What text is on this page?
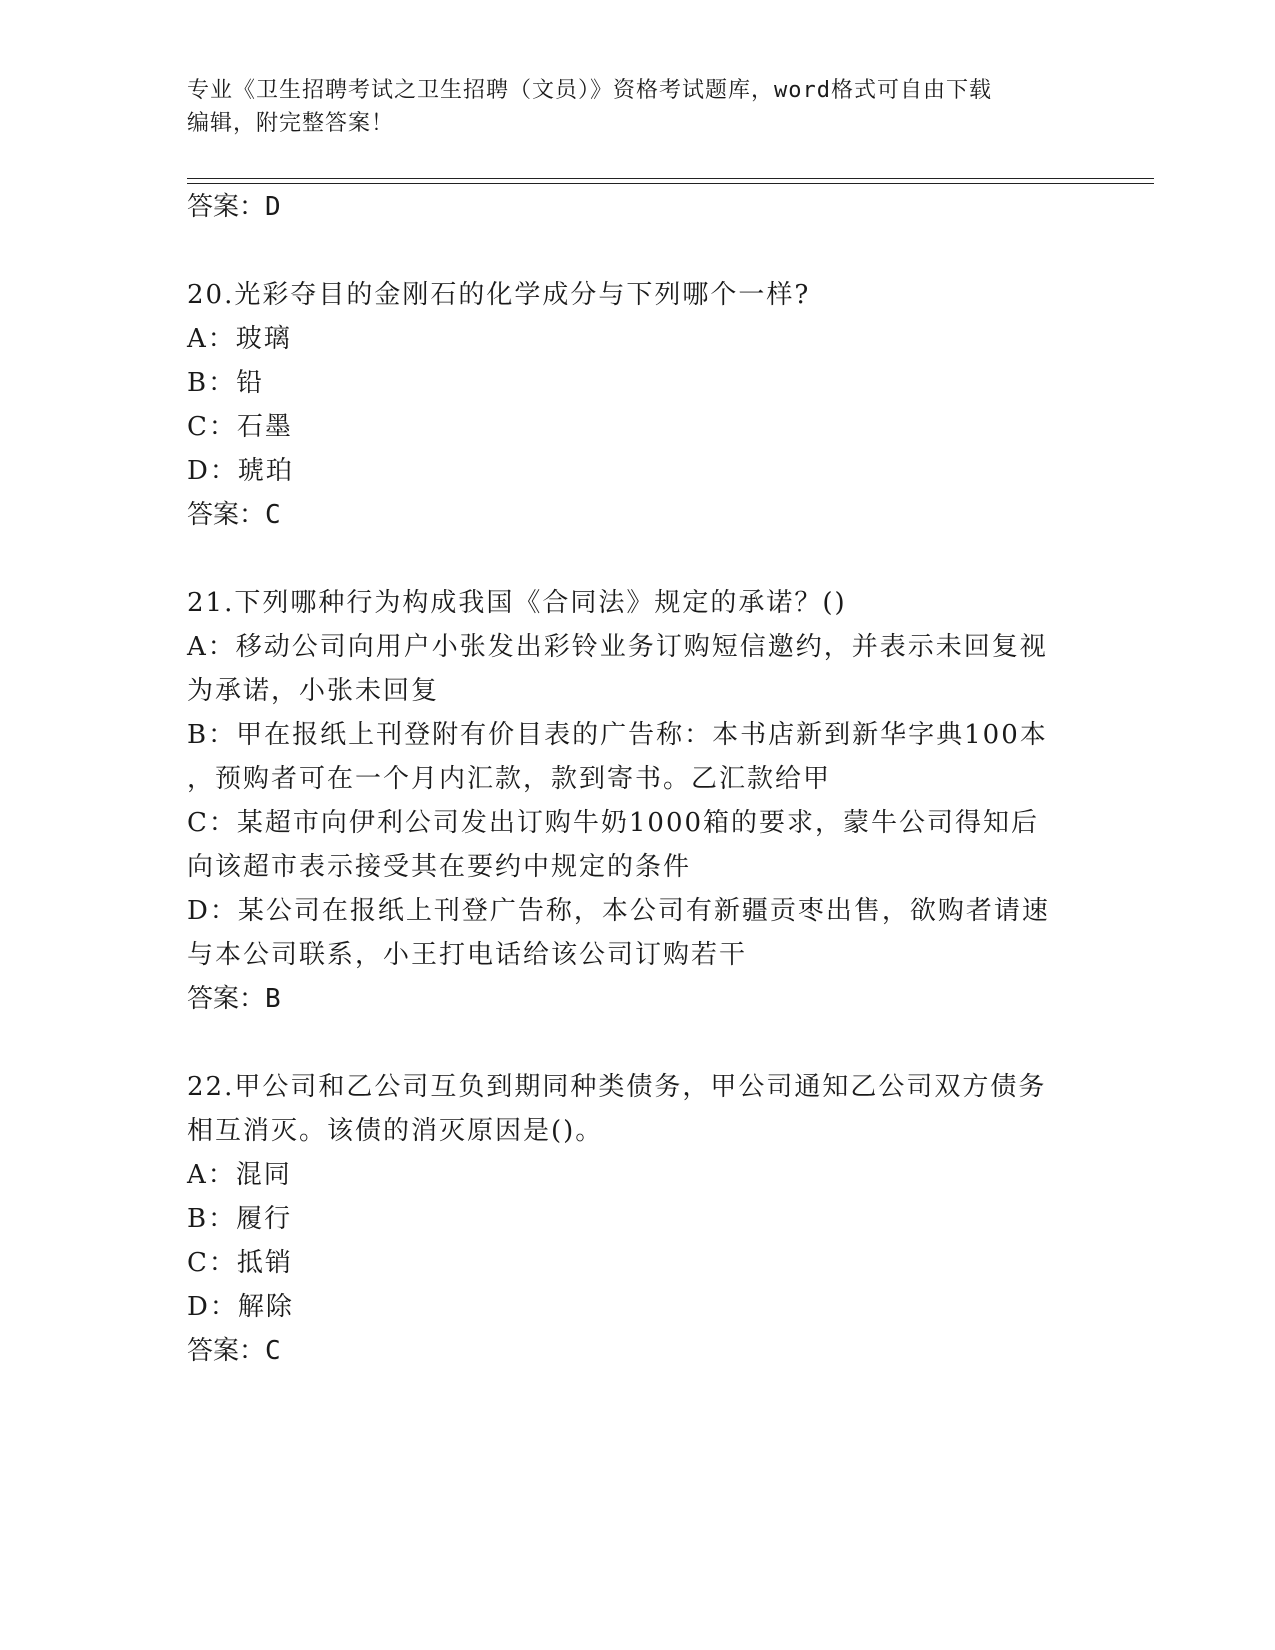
专业《卫生招聘考试之卫生招聘（文员）》资格考试题库，word格式可自由下载
编辑，附完整答案！
答案：D
20.光彩夺目的金刚石的化学成分与下列哪个一样?
A：玻璃
B：铅
C：石墨
D：琥珀
答案：C
21.下列哪种行为构成我国《合同法》规定的承诺？()
A：移动公司向用户小张发出彩铃业务订购短信邀约，并表示未回复视
为承诺，小张未回复
B：甲在报纸上刊登附有价目表的广告称：本书店新到新华字典100本
，预购者可在一个月内汇款，款到寄书。乙汇款给甲
C：某超市向伊利公司发出订购牛奶1000箱的要求，蒙牛公司得知后
向该超市表示接受其在要约中规定的条件
D：某公司在报纸上刊登广告称，本公司有新疆贡枣出售，欲购者请速
与本公司联系，小王打电话给该公司订购若干
答案：B
22.甲公司和乙公司互负到期同种类债务，甲公司通知乙公司双方债务
相互消灭。该债的消灭原因是()。
A：混同
B：履行
C：抵销
D：解除
答案：C
